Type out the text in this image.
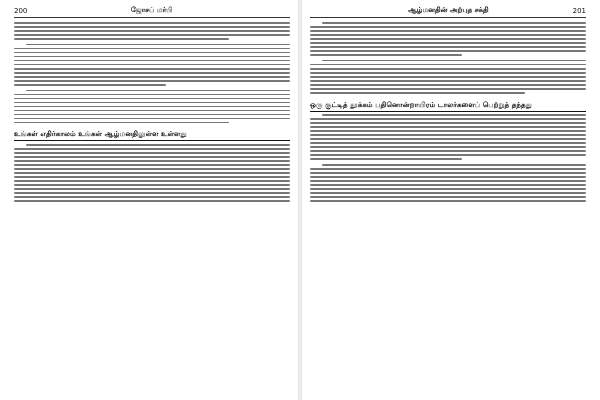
200	ஜோசப் மர்பி
உங்கள் எதிர்காலம் உங்கள் ஆழ்மனதிலுள்ள உள்ளது
ஆழ்மனதின் அற்புத சக்தி	201
ஒரு குட்டித் தூக்கம் பதினொன்றாயிரம் டாலர்களைப் பெற்றுத் தந்தது
